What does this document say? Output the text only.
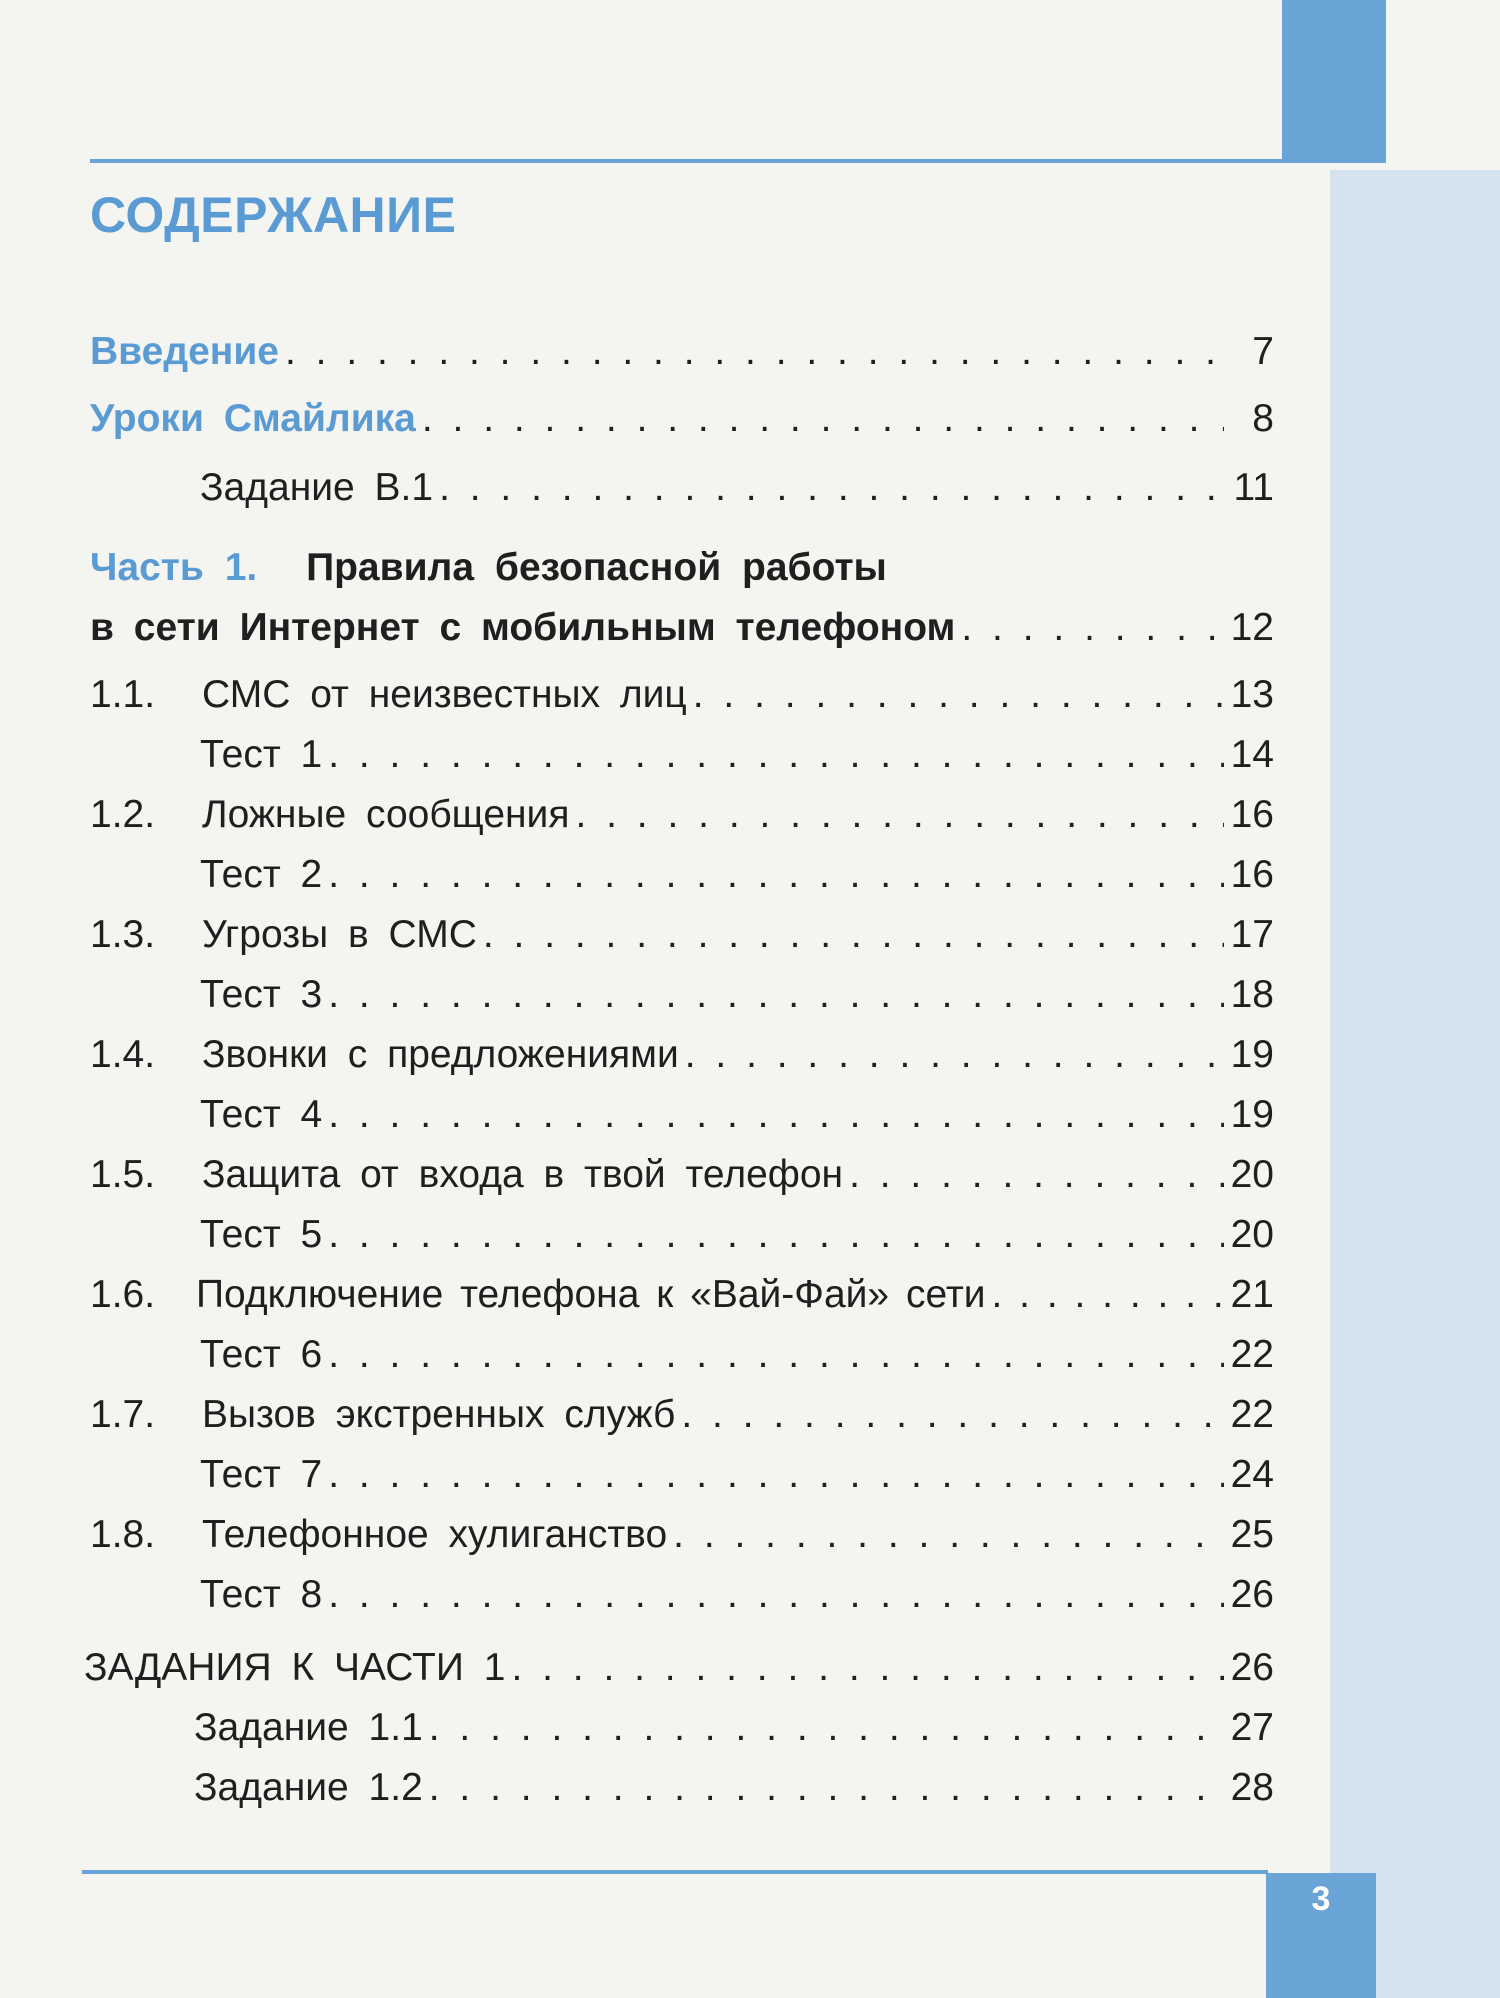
3
СОДЕРЖАНИЕ
Введение . . .	7
Уроки Смайлика . . .	8
Задание В.1 . . .	11
Часть 1. Правила безопасной работы
в сети Интернет с мобильным телефоном . . .	12
1.1.	СМС от неизвестных лиц . . .	13
Тест 1 . . .	14
1.2.	Ложные сообщения . . .	16
Тест 2 . . .	16
1.3.	Угрозы в СМС . . .	17
Тест 3 . . .	18
1.4.	Звонки с предложениями . . .	19
Тест 4 . . .	19
1.5.	Защита от входа в твой телефон . . .	20
Тест 5 . . .	20
1.6.	Подключение телефона к «Вай-Фай» сети . . .	21
Тест 6 . . .	22
1.7.	Вызов экстренных служб . . .	22
Тест 7 . . .	24
1.8.	Телефонное хулиганство . . .	25
Тест 8 . . .	26
ЗАДАНИЯ К ЧАСТИ 1 . . .	26
Задание 1.1 . . .	27
Задание 1.2 . . .	28
